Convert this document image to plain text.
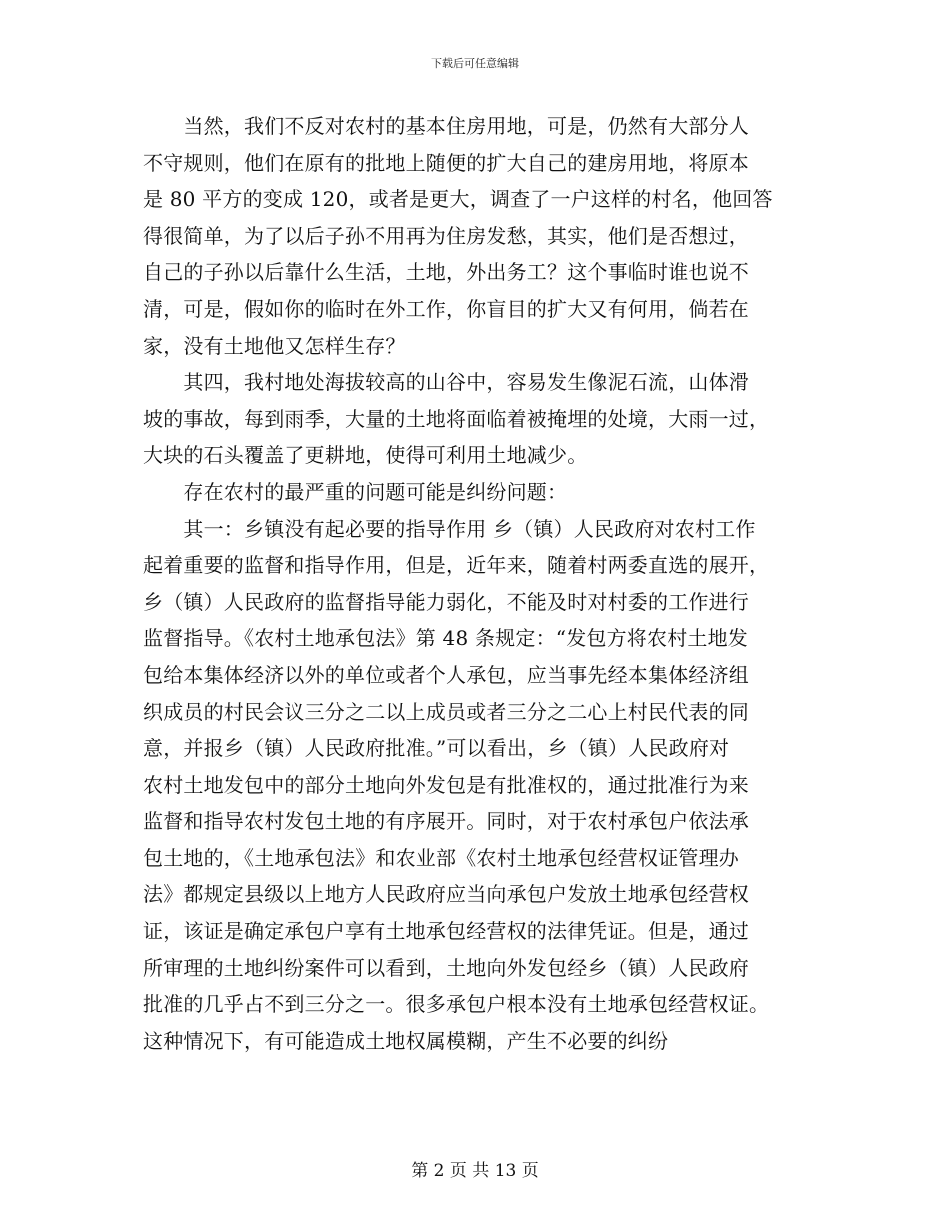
下载后可任意编辑
　　当然，我们不反对农村的基本住房用地，可是，仍然有大部分人
不守规则，他们在原有的批地上随便的扩大自己的建房用地，将原本
是 80 平方的变成 120，或者是更大，调查了一户这样的村名，他回答
得很简单，为了以后子孙不用再为住房发愁，其实，他们是否想过，
自己的子孙以后靠什么生活，土地，外出务工？这个事临时谁也说不
清，可是，假如你的临时在外工作，你盲目的扩大又有何用，倘若在
家，没有土地他又怎样生存？
　　其四，我村地处海拔较高的山谷中，容易发生像泥石流，山体滑
坡的事故，每到雨季，大量的土地将面临着被掩埋的处境，大雨一过，
大块的石头覆盖了更耕地，使得可利用土地减少。
　　存在农村的最严重的问题可能是纠纷问题：
　　其一：乡镇没有起必要的指导作用 乡（镇）人民政府对农村工作
起着重要的监督和指导作用，但是，近年来，随着村两委直选的展开，
乡（镇）人民政府的监督指导能力弱化，不能及时对村委的工作进行
监督指导。《农村土地承包法》第 48 条规定：“发包方将农村土地发
包给本集体经济以外的单位或者个人承包，应当事先经本集体经济组
织成员的村民会议三分之二以上成员或者三分之二心上村民代表的同
意，并报乡（镇）人民政府批准。”可以看出，乡（镇）人民政府对
农村土地发包中的部分土地向外发包是有批准权的，通过批准行为来
监督和指导农村发包土地的有序展开。同时，对于农村承包户依法承
包土地的，《土地承包法》和农业部《农村土地承包经营权证管理办
法》都规定县级以上地方人民政府应当向承包户发放土地承包经营权
证，该证是确定承包户享有土地承包经营权的法律凭证。但是，通过
所审理的土地纠纷案件可以看到，土地向外发包经乡（镇）人民政府
批准的几乎占不到三分之一。很多承包户根本没有土地承包经营权证。
这种情况下，有可能造成土地权属模糊，产生不必要的纠纷
第 2 页 共 13 页
